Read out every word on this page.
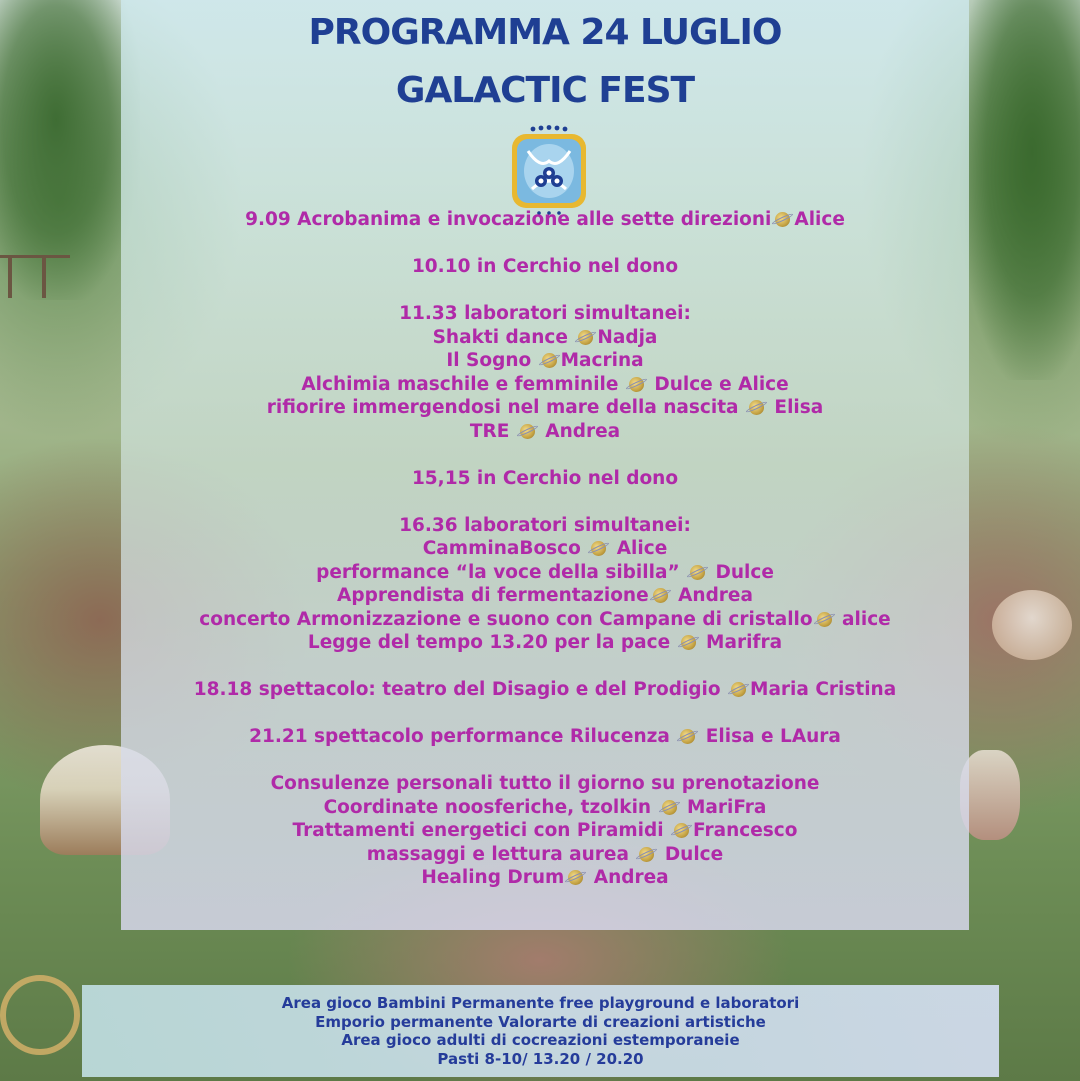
PROGRAMMA 24 LUGLIO
GALACTIC FEST
9.09 Acrobanima e invocazione alle sette direzioni Alice
10.10 in Cerchio nel dono
11.33 laboratori simultanei:
Shakti dance Nadja
Il Sogno Macrina
Alchimia maschile e femminile  Dulce e Alice
rifiorire immergendosi nel mare della nascita  Elisa
TRE  Andrea
15,15 in Cerchio nel dono
16.36 laboratori simultanei:
CamminaBosco  Alice
performance “la voce della sibilla”  Dulce
Apprendista di fermentazione Andrea
concerto Armonizzazione e suono con Campane di cristallo alice
Legge del tempo 13.20 per la pace  Marifra
18.18 spettacolo: teatro del Disagio e del Prodigio Maria Cristina
21.21 spettacolo performance Rilucenza  Elisa e LAura
Consulenze personali tutto il giorno su prenotazione
Coordinate noosferiche, tzolkin  MariFra
Trattamenti energetici con Piramidi Francesco
massaggi e lettura aurea  Dulce
Healing Drum Andrea
Area gioco Bambini Permanente free playground e laboratori
Emporio permanente Valorarte di creazioni artistiche
Area gioco adulti di cocreazioni estemporaneie
Pasti 8-10/ 13.20 / 20.20
